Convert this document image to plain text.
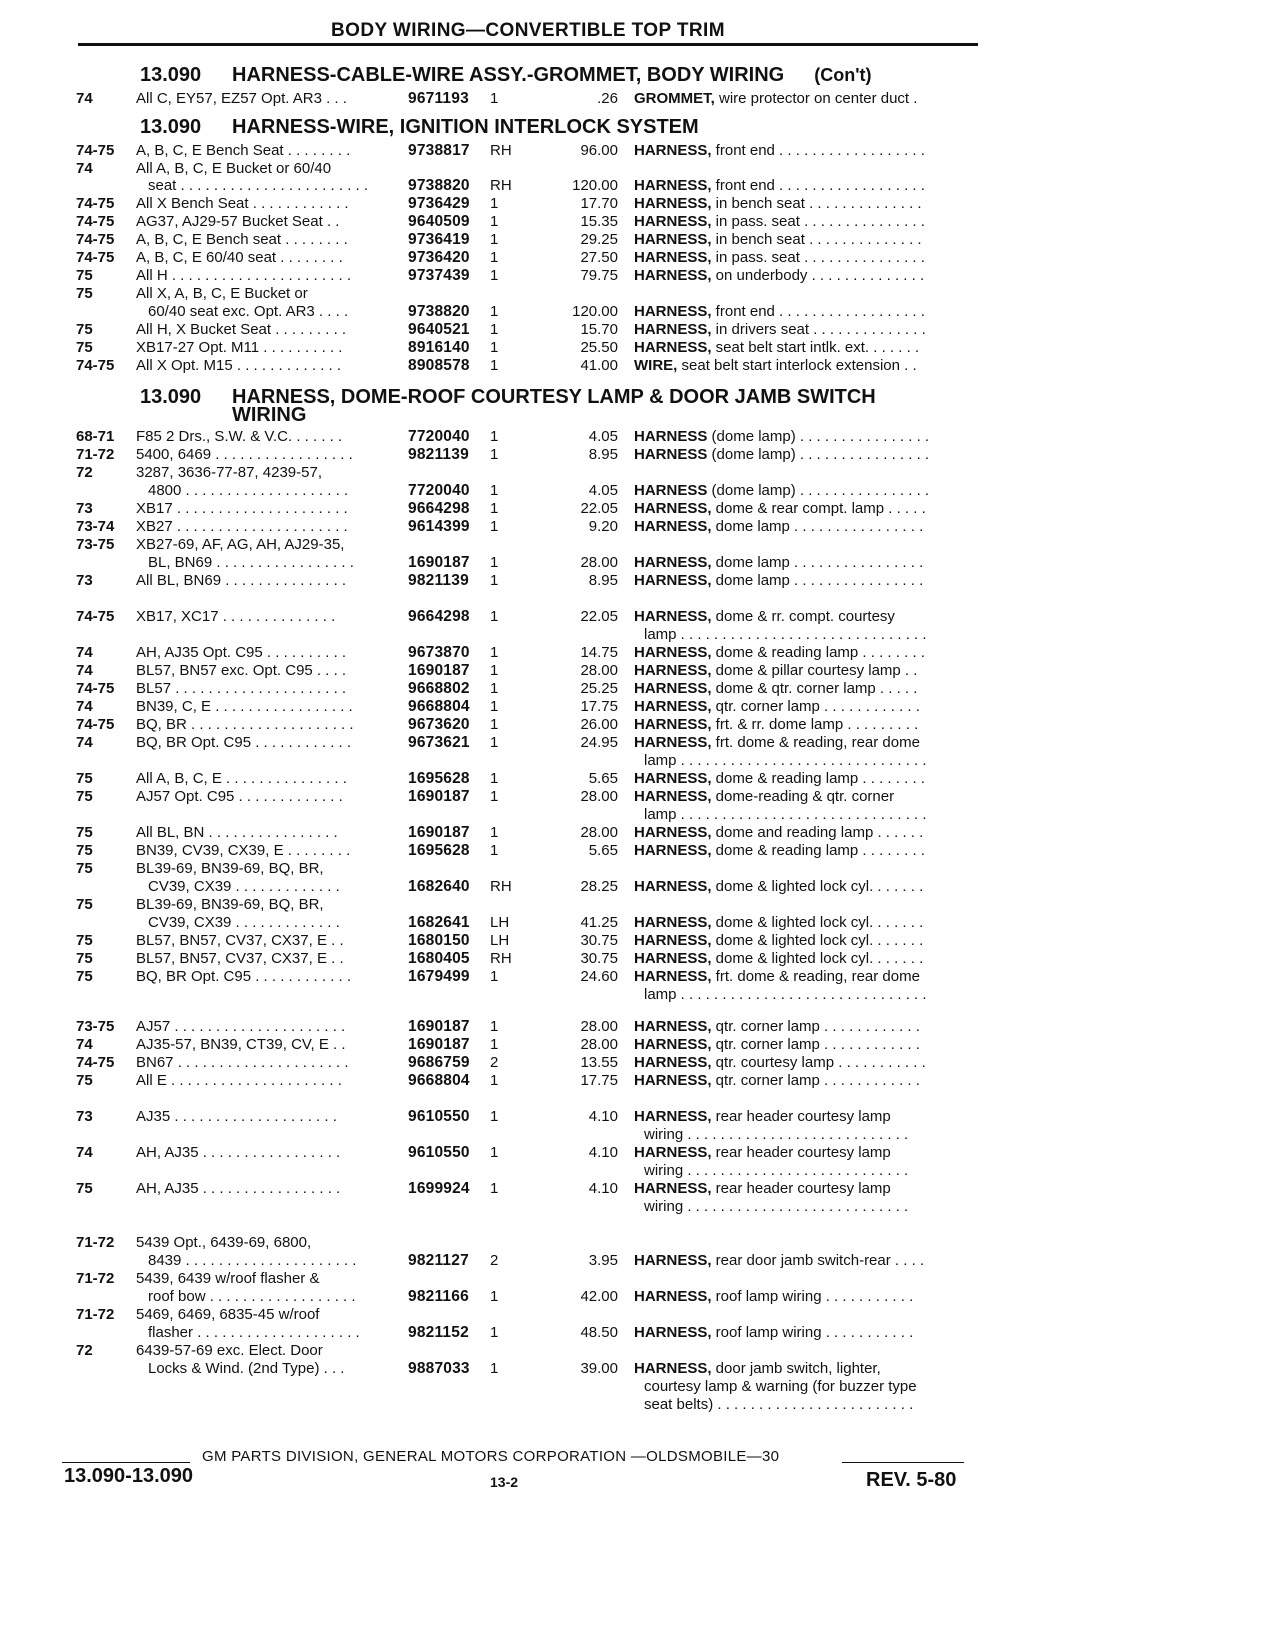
BODY WIRING—CONVERTIBLE TOP TRIM
13.090 HARNESS-CABLE-WIRE ASSY.-GROMMET, BODY WIRING (Con't)
13.090 HARNESS-WIRE, IGNITION INTERLOCK SYSTEM
13.090 HARNESS, DOME-ROOF COURTESY LAMP & DOOR JAMB SWITCH
WIRING
74	All C, EY57, EZ57 Opt. AR3 . . .	9671193 1	.26 GROMMET, wire protector on center duct .
74-75 A, B, C, E Bench Seat . . . . . . . .	9738817 RH	96.00 HARNESS, front end . . . . . . . . . . . . . . . . . .
74	All A, B, C, E Bucket or 60/40
seat . . . . . . . . . . . . . . . . . . . . . . .	9738820 RH	120.00 HARNESS, front end . . . . . . . . . . . . . . . . . .
74-75 All X Bench Seat . . . . . . . . . . . .	9736429 1	17.70 HARNESS, in bench seat . . . . . . . . . . . . . .
74-75 AG37, AJ29-57 Bucket Seat . .	9640509 1	15.35 HARNESS, in pass. seat . . . . . . . . . . . . . . .
74-75 A, B, C, E Bench seat . . . . . . . .	9736419 1	29.25 HARNESS, in bench seat . . . . . . . . . . . . . .
74-75 A, B, C, E 60/40 seat . . . . . . . .	9736420 1	27.50 HARNESS, in pass. seat . . . . . . . . . . . . . . .
75	All H . . . . . . . . . . . . . . . . . . . . . .	9737439 1	79.75 HARNESS, on underbody . . . . . . . . . . . . . .
75	All X, A, B, C, E Bucket or
60/40 seat exc. Opt. AR3 . . . .	9738820 1	120.00 HARNESS, front end . . . . . . . . . . . . . . . . . .
75	All H, X Bucket Seat . . . . . . . . .	9640521 1	15.70 HARNESS, in drivers seat . . . . . . . . . . . . . .
75	XB17-27 Opt. M11 . . . . . . . . . .	8916140 1	25.50 HARNESS, seat belt start intlk. ext. . . . . . .
74-75 All X Opt. M15 . . . . . . . . . . . . .	8908578 1	41.00 WIRE, seat belt start interlock extension . .
68-71 F85 2 Drs., S.W. & V.C. . . . . . .	7720040 1	4.05 HARNESS (dome lamp) . . . . . . . . . . . . . . . .
71-72 5400, 6469 . . . . . . . . . . . . . . . . .	9821139 1	8.95 HARNESS (dome lamp) . . . . . . . . . . . . . . . .
72	3287, 3636-77-87, 4239-57,
4800 . . . . . . . . . . . . . . . . . . . .	7720040 1	4.05 HARNESS (dome lamp) . . . . . . . . . . . . . . . .
73	XB17 . . . . . . . . . . . . . . . . . . . . .	9664298 1	22.05 HARNESS, dome & rear compt. lamp . . . . .
73-74 XB27 . . . . . . . . . . . . . . . . . . . . .	9614399 1	9.20 HARNESS, dome lamp . . . . . . . . . . . . . . . .
73-75 XB27-69, AF, AG, AH, AJ29-35,
BL, BN69 . . . . . . . . . . . . . . . . .	1690187 1	28.00 HARNESS, dome lamp . . . . . . . . . . . . . . . .
73	All BL, BN69 . . . . . . . . . . . . . . .	9821139 1	8.95 HARNESS, dome lamp . . . . . . . . . . . . . . . .
74-75 XB17, XC17 . . . . . . . . . . . . . .	9664298 1	22.05 HARNESS, dome & rr. compt. courtesy
lamp . . . . . . . . . . . . . . . . . . . . . . . . . . . . . .
74	AH, AJ35 Opt. C95 . . . . . . . . . .	9673870 1	14.75 HARNESS, dome & reading lamp . . . . . . . .
74	BL57, BN57 exc. Opt. C95 . . . .	1690187 1	28.00 HARNESS, dome & pillar courtesy lamp . .
74-75 BL57 . . . . . . . . . . . . . . . . . . . . .	9668802 1	25.25 HARNESS, dome & qtr. corner lamp . . . . .
74	BN39, C, E . . . . . . . . . . . . . . . . .	9668804 1	17.75 HARNESS, qtr. corner lamp . . . . . . . . . . . .
74-75 BQ, BR . . . . . . . . . . . . . . . . . . . .	9673620 1	26.00 HARNESS, frt. & rr. dome lamp . . . . . . . . .
74	BQ, BR Opt. C95 . . . . . . . . . . . .	9673621 1	24.95 HARNESS, frt. dome & reading, rear dome
lamp . . . . . . . . . . . . . . . . . . . . . . . . . . . . . .
75	All A, B, C, E . . . . . . . . . . . . . . .	1695628 1	5.65 HARNESS, dome & reading lamp . . . . . . . .
75	AJ57 Opt. C95 . . . . . . . . . . . . .	1690187 1	28.00 HARNESS, dome-reading & qtr. corner
lamp . . . . . . . . . . . . . . . . . . . . . . . . . . . . . .
75	All BL, BN . . . . . . . . . . . . . . . .	1690187 1	28.00 HARNESS, dome and reading lamp . . . . . .
75	BN39, CV39, CX39, E . . . . . . . .	1695628 1	5.65 HARNESS, dome & reading lamp . . . . . . . .
75	BL39-69, BN39-69, BQ, BR,
CV39, CX39 . . . . . . . . . . . . .	1682640 RH	28.25 HARNESS, dome & lighted lock cyl. . . . . . .
75	BL39-69, BN39-69, BQ, BR,
CV39, CX39 . . . . . . . . . . . . .	1682641 LH	41.25 HARNESS, dome & lighted lock cyl. . . . . . .
75	BL57, BN57, CV37, CX37, E . .	1680150 LH	30.75 HARNESS, dome & lighted lock cyl. . . . . . .
75	BL57, BN57, CV37, CX37, E . .	1680405 RH	30.75 HARNESS, dome & lighted lock cyl. . . . . . .
75	BQ, BR Opt. C95 . . . . . . . . . . . .	1679499 1	24.60 HARNESS, frt. dome & reading, rear dome
lamp . . . . . . . . . . . . . . . . . . . . . . . . . . . . . .
73-75 AJ57 . . . . . . . . . . . . . . . . . . . . .	1690187 1	28.00 HARNESS, qtr. corner lamp . . . . . . . . . . . .
74	AJ35-57, BN39, CT39, CV, E . .	1690187 1	28.00 HARNESS, qtr. corner lamp . . . . . . . . . . . .
74-75 BN67 . . . . . . . . . . . . . . . . . . . . .	9686759 2	13.55 HARNESS, qtr. courtesy lamp . . . . . . . . . . .
75	All E . . . . . . . . . . . . . . . . . . . . .	9668804 1	17.75 HARNESS, qtr. corner lamp . . . . . . . . . . . .
73	AJ35 . . . . . . . . . . . . . . . . . . . .	9610550 1	4.10 HARNESS, rear header courtesy lamp
wiring . . . . . . . . . . . . . . . . . . . . . . . . . . .
74	AH, AJ35 . . . . . . . . . . . . . . . . .	9610550 1	4.10 HARNESS, rear header courtesy lamp
wiring . . . . . . . . . . . . . . . . . . . . . . . . . . .
75	AH, AJ35 . . . . . . . . . . . . . . . . .	1699924 1	4.10 HARNESS, rear header courtesy lamp
wiring . . . . . . . . . . . . . . . . . . . . . . . . . . .
71-72 5439 Opt., 6439-69, 6800,
8439 . . . . . . . . . . . . . . . . . . . . .	9821127 2	3.95 HARNESS, rear door jamb switch-rear . . . .
71-72 5439, 6439 w/roof flasher &
roof bow . . . . . . . . . . . . . . . . . .	9821166 1	42.00 HARNESS, roof lamp wiring . . . . . . . . . . .
71-72 5469, 6469, 6835-45 w/roof
flasher . . . . . . . . . . . . . . . . . . . .	9821152 1	48.50 HARNESS, roof lamp wiring . . . . . . . . . . .
72	6439-57-69 exc. Elect. Door
Locks & Wind. (2nd Type) . . .	9887033 1	39.00 HARNESS, door jamb switch, lighter,
courtesy lamp & warning (for buzzer type
seat belts) . . . . . . . . . . . . . . . . . . . . . . . .
GM PARTS DIVISION, GENERAL MOTORS CORPORATION —OLDSMOBILE—30
13.090-13.090	13-2	REV. 5-80
